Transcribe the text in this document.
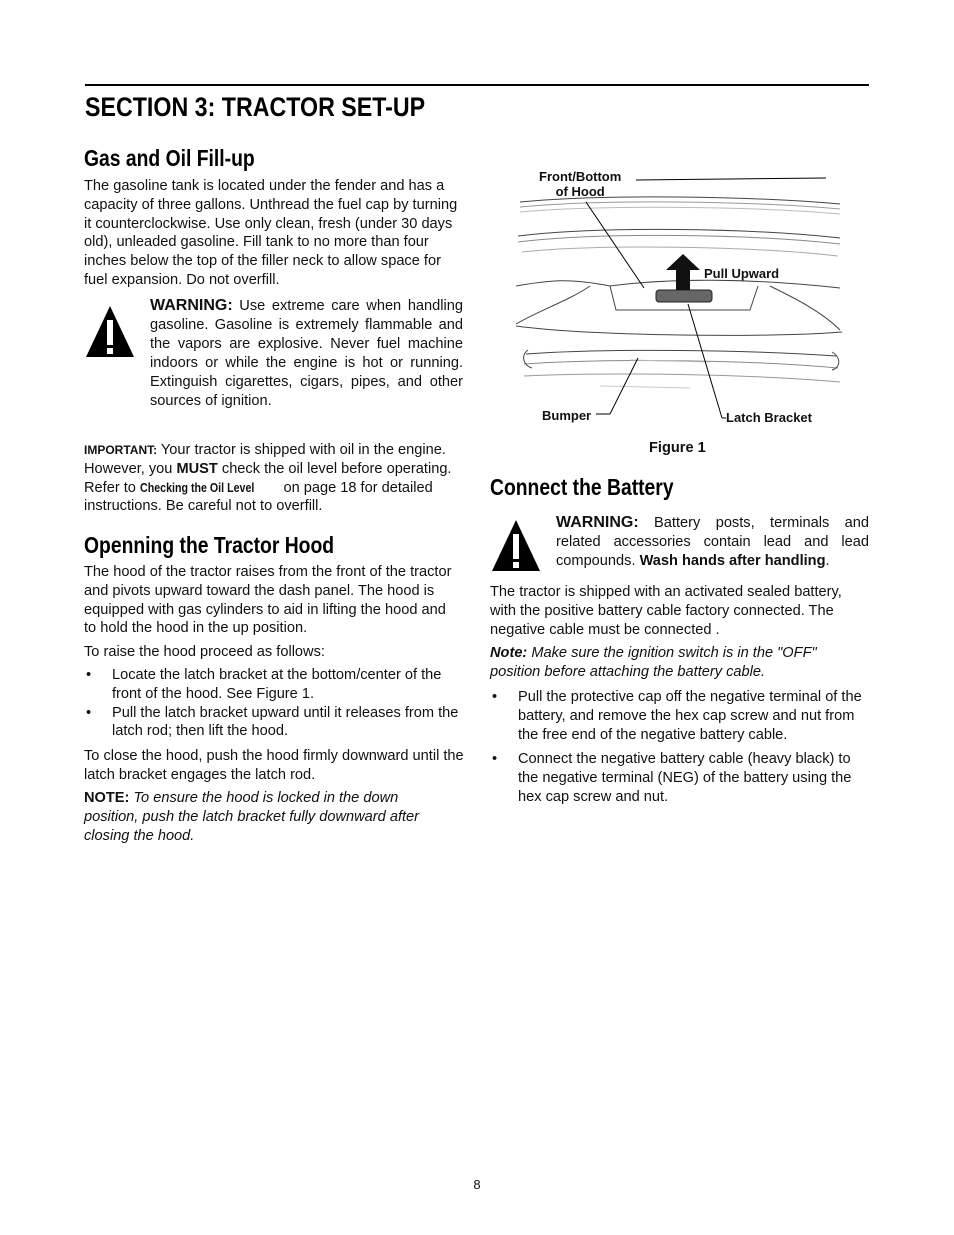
SECTION 3: TRACTOR SET-UP
Gas and Oil Fill-up

The gasoline tank is located under the fender and has a capacity of three gallons. Unthread the fuel cap by turning it counterclockwise. Use only clean, fresh (under 30 days old), unleaded gasoline. Fill tank to no more than four inches below the top of the filler neck to allow space for fuel expansion. Do not overfill.

WARNING: Use extreme care when handling gasoline. Gasoline is extremely flammable and the vapors are explosive. Never fuel machine indoors or while the engine is hot or running. Extinguish cigarettes, cigars, pipes, and other sources of ignition.

IMPORTANT: Your tractor is shipped with oil in the engine. However, you MUST check the oil level before operating. Refer to Checking the Oil Level on page 18 for detailed instructions. Be careful not to overfill.

Openning the Tractor Hood

The hood of the tractor raises from the front of the tractor and pivots upward toward the dash panel. The hood is equipped with gas cylinders to aid in lifting the hood and to hold the hood in the up position.

To raise the hood proceed as follows:

• Locate the latch bracket at the bottom/center of the front of the hood. See Figure 1.
• Pull the latch bracket upward until it releases from the latch rod; then lift the hood.

To close the hood, push the hood firmly downward until the latch bracket engages the latch rod.

NOTE: To ensure the hood is locked in the down position, push the latch bracket fully downward after closing the hood.

Front/Bottom
of Hood
Pull Upward
Bumper	Latch Bracket
Figure 1
Connect the Battery

WARNING: Battery posts, terminals and related accessories contain lead and lead compounds. Wash hands after handling.

The tractor is shipped with an activated sealed battery, with the positive battery cable factory connected. The negative cable must be connected .

Note: Make sure the ignition switch is in the "OFF" position before attaching the battery cable.

• Pull the protective cap off the negative terminal of the battery, and remove the hex cap screw and nut from the free end of the negative battery cable.
• Connect the negative battery cable (heavy black) to the negative terminal (NEG) of the battery using the hex cap screw and nut.
8
